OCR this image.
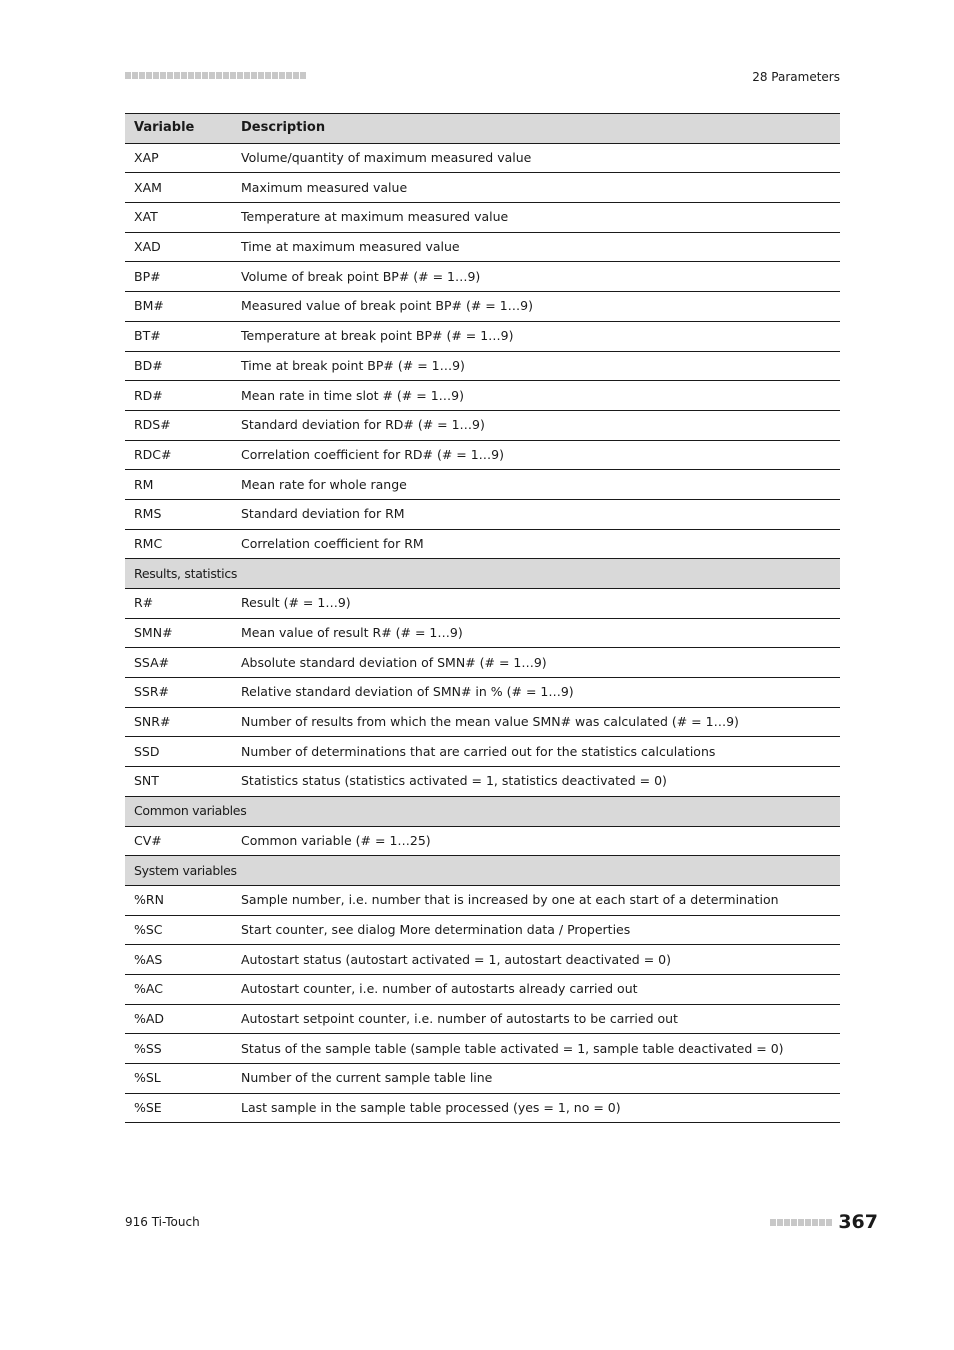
28 Parameters
Variable	Description
XAP	Volume/quantity of maximum measured value
XAM	Maximum measured value
XAT	Temperature at maximum measured value
XAD	Time at maximum measured value
BP#	Volume of break point BP# (# = 1…9)
BM#	Measured value of break point BP# (# = 1…9)
BT#	Temperature at break point BP# (# = 1…9)
BD#	Time at break point BP# (# = 1…9)
RD#	Mean rate in time slot # (# = 1…9)
RDS#	Standard deviation for RD# (# = 1…9)
RDC#	Correlation coefficient for RD# (# = 1…9)
RM	Mean rate for whole range
RMS	Standard deviation for RM
RMC	Correlation coefficient for RM
Results, statistics	
R#	Result (# = 1…9)
SMN#	Mean value of result R# (# = 1…9)
SSA#	Absolute standard deviation of SMN# (# = 1…9)
SSR#	Relative standard deviation of SMN# in % (# = 1…9)
SNR#	Number of results from which the mean value SMN# was calculated (# = 1…9)
SSD	Number of determinations that are carried out for the statistics calculations
SNT	Statistics status (statistics activated = 1, statistics deactivated = 0)
Common variables	
CV#	Common variable (# = 1…25)
System variables	
%RN	Sample number, i.e. number that is increased by one at each start of a determination
%SC	Start counter, see dialog More determination data / Properties
%AS	Autostart status (autostart activated = 1, autostart deactivated = 0)
%AC	Autostart counter, i.e. number of autostarts already carried out
%AD	Autostart setpoint counter, i.e. number of autostarts to be carried out
%SS	Status of the sample table (sample table activated = 1, sample table deactivated = 0)
%SL	Number of the current sample table line
%SE	Last sample in the sample table processed (yes = 1, no = 0)
916 Ti-Touch	367
